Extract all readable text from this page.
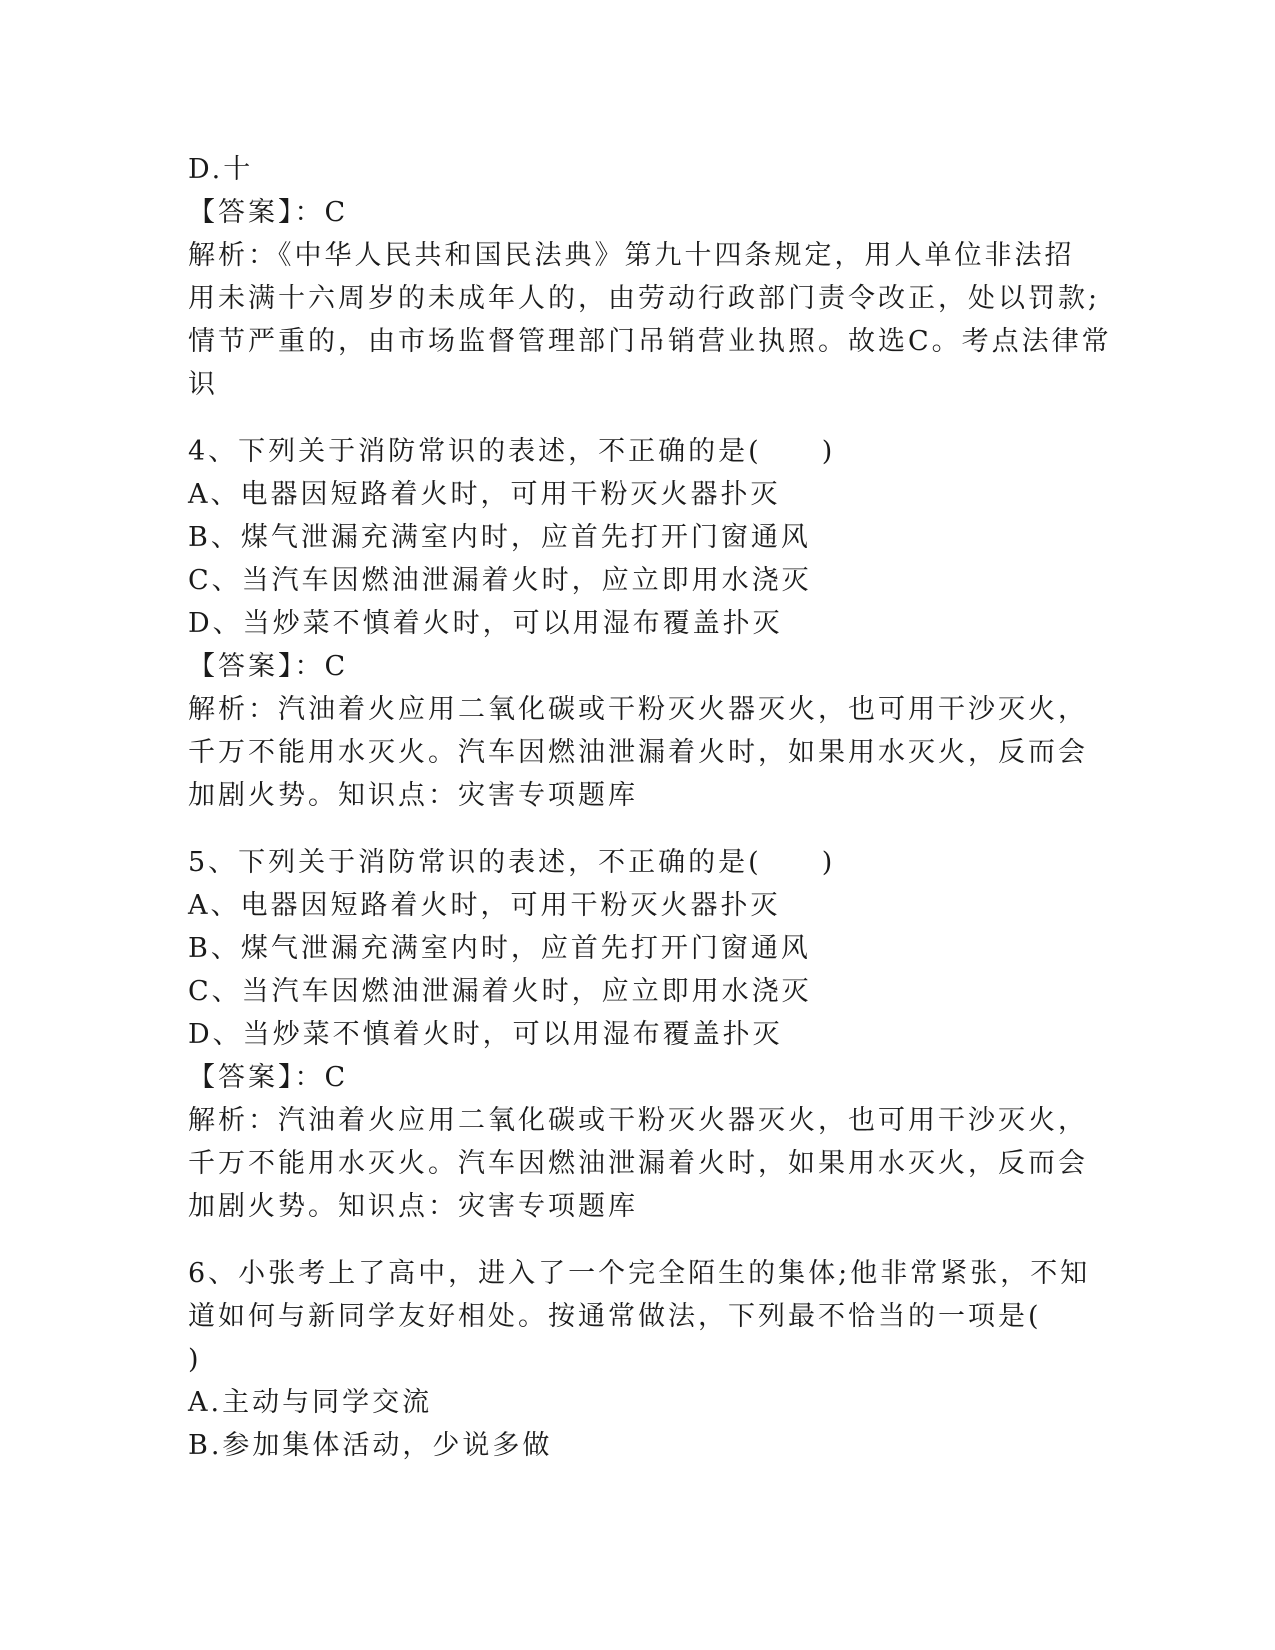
D.十
【答案】：C
解析：《中华人民共和国民法典》第九十四条规定，用人单位非法招
用未满十六周岁的未成年人的，由劳动行政部门责令改正，处以罚款;
情节严重的，由市场监督管理部门吊销营业执照。故选C。考点法律常
识
4、下列关于消防常识的表述，不正确的是(　　)
A、电器因短路着火时，可用干粉灭火器扑灭
B、煤气泄漏充满室内时，应首先打开门窗通风
C、当汽车因燃油泄漏着火时，应立即用水浇灭
D、当炒菜不慎着火时，可以用湿布覆盖扑灭
【答案】：C
解析：汽油着火应用二氧化碳或干粉灭火器灭火，也可用干沙灭火，
千万不能用水灭火。汽车因燃油泄漏着火时，如果用水灭火，反而会
加剧火势。知识点：灾害专项题库
5、下列关于消防常识的表述，不正确的是(　　)
A、电器因短路着火时，可用干粉灭火器扑灭
B、煤气泄漏充满室内时，应首先打开门窗通风
C、当汽车因燃油泄漏着火时，应立即用水浇灭
D、当炒菜不慎着火时，可以用湿布覆盖扑灭
【答案】：C
解析：汽油着火应用二氧化碳或干粉灭火器灭火，也可用干沙灭火，
千万不能用水灭火。汽车因燃油泄漏着火时，如果用水灭火，反而会
加剧火势。知识点：灾害专项题库
6、小张考上了高中，进入了一个完全陌生的集体;他非常紧张，不知
道如何与新同学友好相处。按通常做法，下列最不恰当的一项是(
)
A.主动与同学交流
B.参加集体活动，少说多做
